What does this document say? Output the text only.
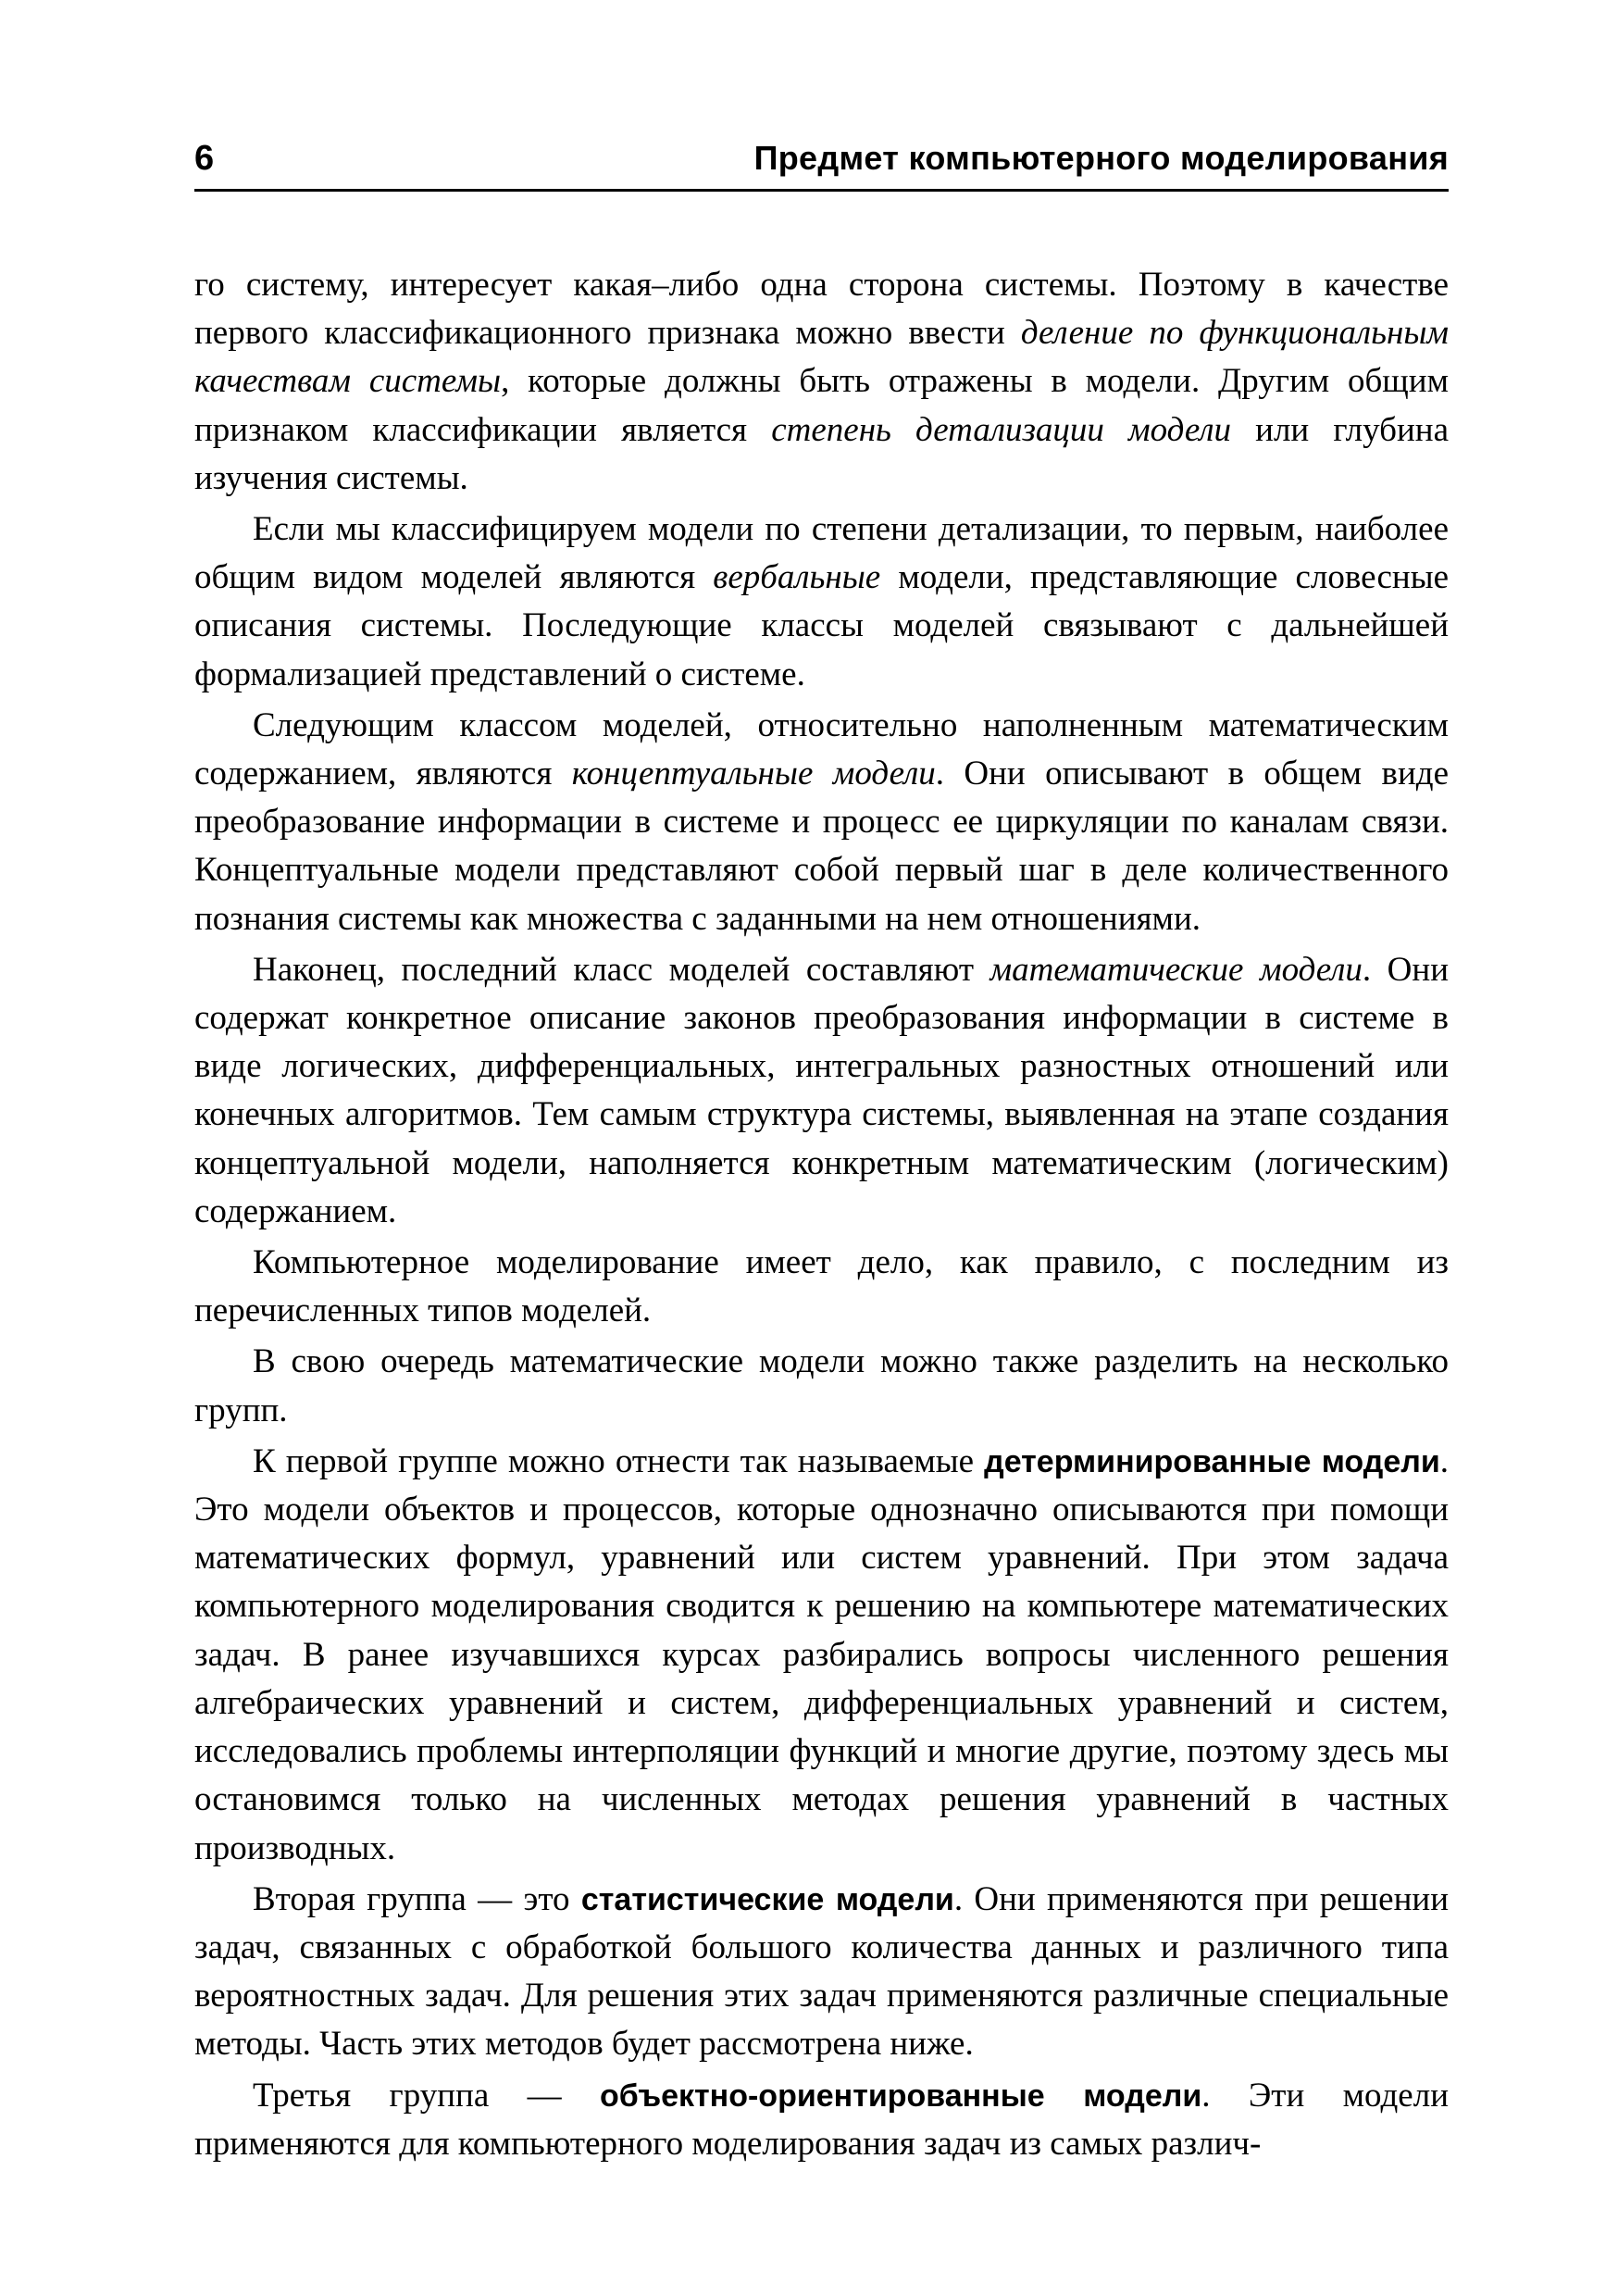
6	Предмет компьютерного моделирования

го систему, интересует какая–либо одна сторона системы. Поэтому в качестве первого классификационного признака можно ввести деление по функциональным качествам системы, которые должны быть отражены в модели. Другим общим признаком классификации является степень детализации модели или глубина изучения системы.

Если мы классифицируем модели по степени детализации, то первым, наиболее общим видом моделей являются вербальные модели, представляющие словесные описания системы. Последующие классы моделей связывают с дальнейшей формализацией представлений о системе.

Следующим классом моделей, относительно наполненным математическим содержанием, являются концептуальные модели. Они описывают в общем виде преобразование информации в системе и процесс ее циркуляции по каналам связи. Концептуальные модели представляют собой первый шаг в деле количественного познания системы как множества с заданными на нем отношениями.

Наконец, последний класс моделей составляют математические модели. Они содержат конкретное описание законов преобразования информации в системе в виде логических, дифференциальных, интегральных разностных отношений или конечных алгоритмов. Тем самым структура системы, выявленная на этапе создания концептуальной модели, наполняется конкретным математическим (логическим) содержанием.

Компьютерное моделирование имеет дело, как правило, с последним из перечисленных типов моделей.

В свою очередь математические модели можно также разделить на несколько групп.

К первой группе можно отнести так называемые детерминированные модели. Это модели объектов и процессов, которые однозначно описываются при помощи математических формул, уравнений или систем уравнений. При этом задача компьютерного моделирования сводится к решению на компьютере математических задач. В ранее изучавшихся курсах разбирались вопросы численного решения алгебраических уравнений и систем, дифференциальных уравнений и систем, исследовались проблемы интерполяции функций и многие другие, поэтому здесь мы остановимся только на численных методах решения уравнений в частных производных.

Вторая группа — это статистические модели. Они применяются при решении задач, связанных с обработкой большого количества данных и различного типа вероятностных задач. Для решения этих задач применяются различные специальные методы. Часть этих методов будет рассмотрена ниже.

Третья группа — объектно-ориентированные модели. Эти модели применяются для компьютерного моделирования задач из самых различ-
